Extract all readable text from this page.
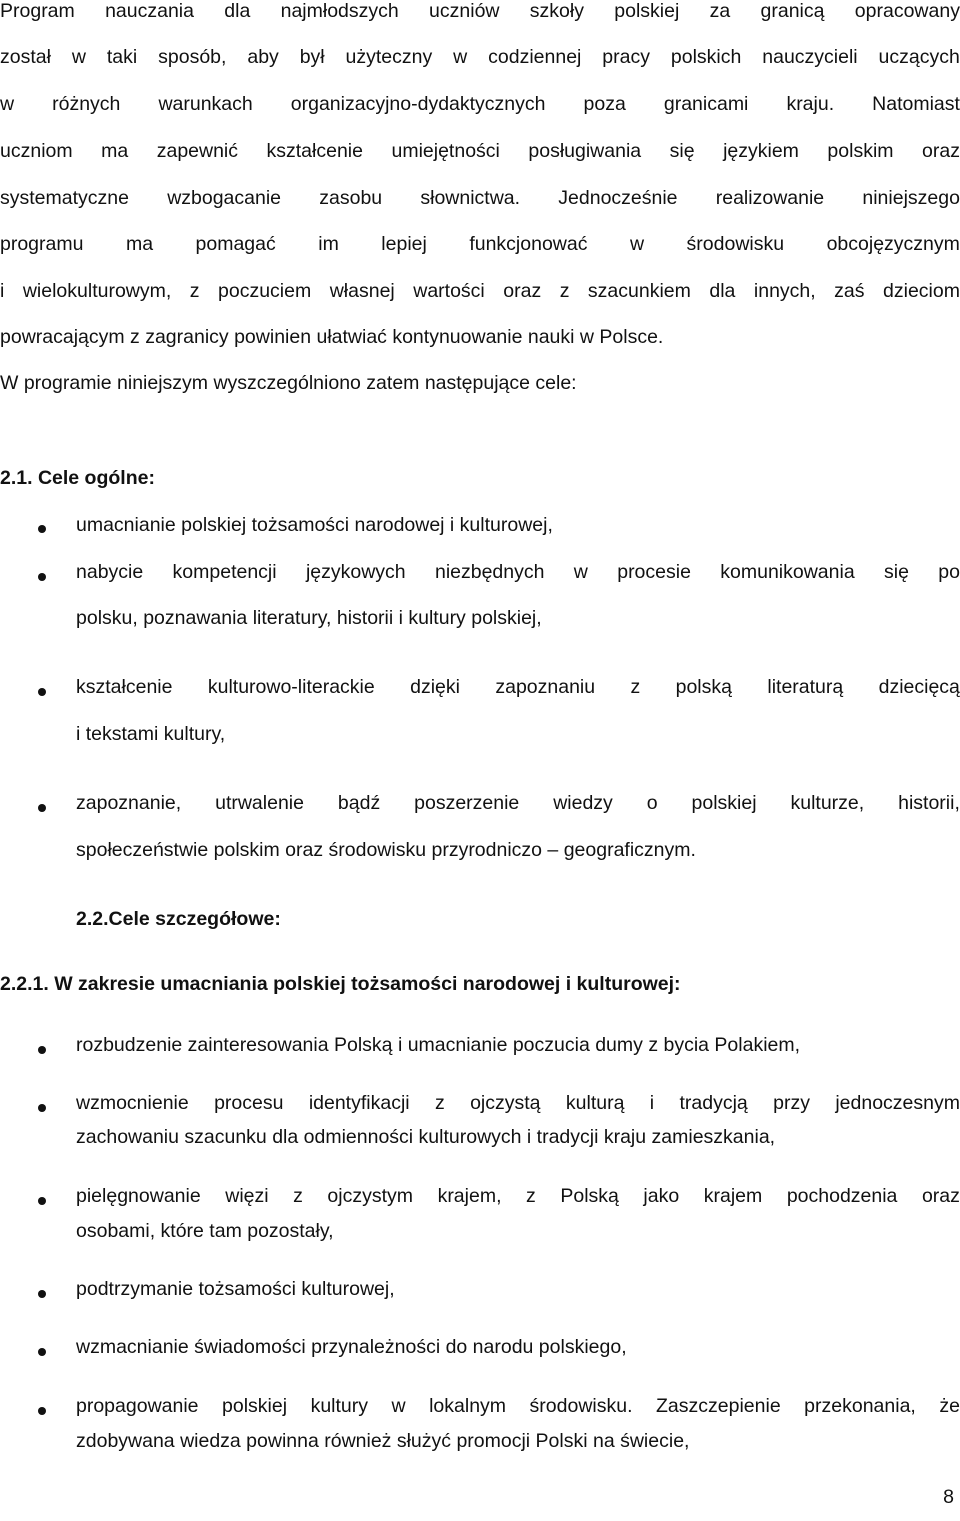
Program nauczania dla najmłodszych uczniów szkoły polskiej za granicą opracowany
został w taki sposób, aby był użyteczny w codziennej pracy polskich nauczycieli uczących
w różnych warunkach organizacyjno-dydaktycznych poza granicami kraju. Natomiast
uczniom ma zapewnić kształcenie umiejętności posługiwania się językiem polskim oraz
systematyczne wzbogacanie zasobu słownictwa. Jednocześnie realizowanie niniejszego
programu ma pomagać im lepiej funkcjonować w środowisku obcojęzycznym
i wielokulturowym, z poczuciem własnej wartości oraz z szacunkiem dla innych, zaś dzieciom
powracającym z zagranicy powinien ułatwiać kontynuowanie nauki w Polsce.
W programie niniejszym wyszczególniono zatem następujące cele:
2.1. Cele ogólne:
umacnianie polskiej tożsamości narodowej i kulturowej,
nabycie kompetencji językowych niezbędnych w procesie komunikowania się po
polsku, poznawania literatury, historii i kultury polskiej,
kształcenie kulturowo-literackie dzięki zapoznaniu z polską literaturą dziecięcą
i tekstami kultury,
zapoznanie, utrwalenie bądź poszerzenie wiedzy o polskiej kulturze, historii,
społeczeństwie polskim oraz środowisku przyrodniczo – geograficznym.
2.2.Cele szczegółowe:
2.2.1. W zakresie umacniania polskiej tożsamości narodowej i kulturowej:
rozbudzenie zainteresowania Polską i umacnianie poczucia dumy z bycia Polakiem,
wzmocnienie procesu identyfikacji z ojczystą kulturą i tradycją przy jednoczesnym
zachowaniu szacunku dla odmienności kulturowych i tradycji kraju zamieszkania,
pielęgnowanie więzi z ojczystym krajem, z Polską jako krajem pochodzenia oraz
osobami, które tam pozostały,
podtrzymanie tożsamości kulturowej,
wzmacnianie świadomości przynależności do narodu polskiego,
propagowanie polskiej kultury w lokalnym środowisku. Zaszczepienie przekonania, że
zdobywana wiedza powinna również służyć promocji Polski na świecie,
8
